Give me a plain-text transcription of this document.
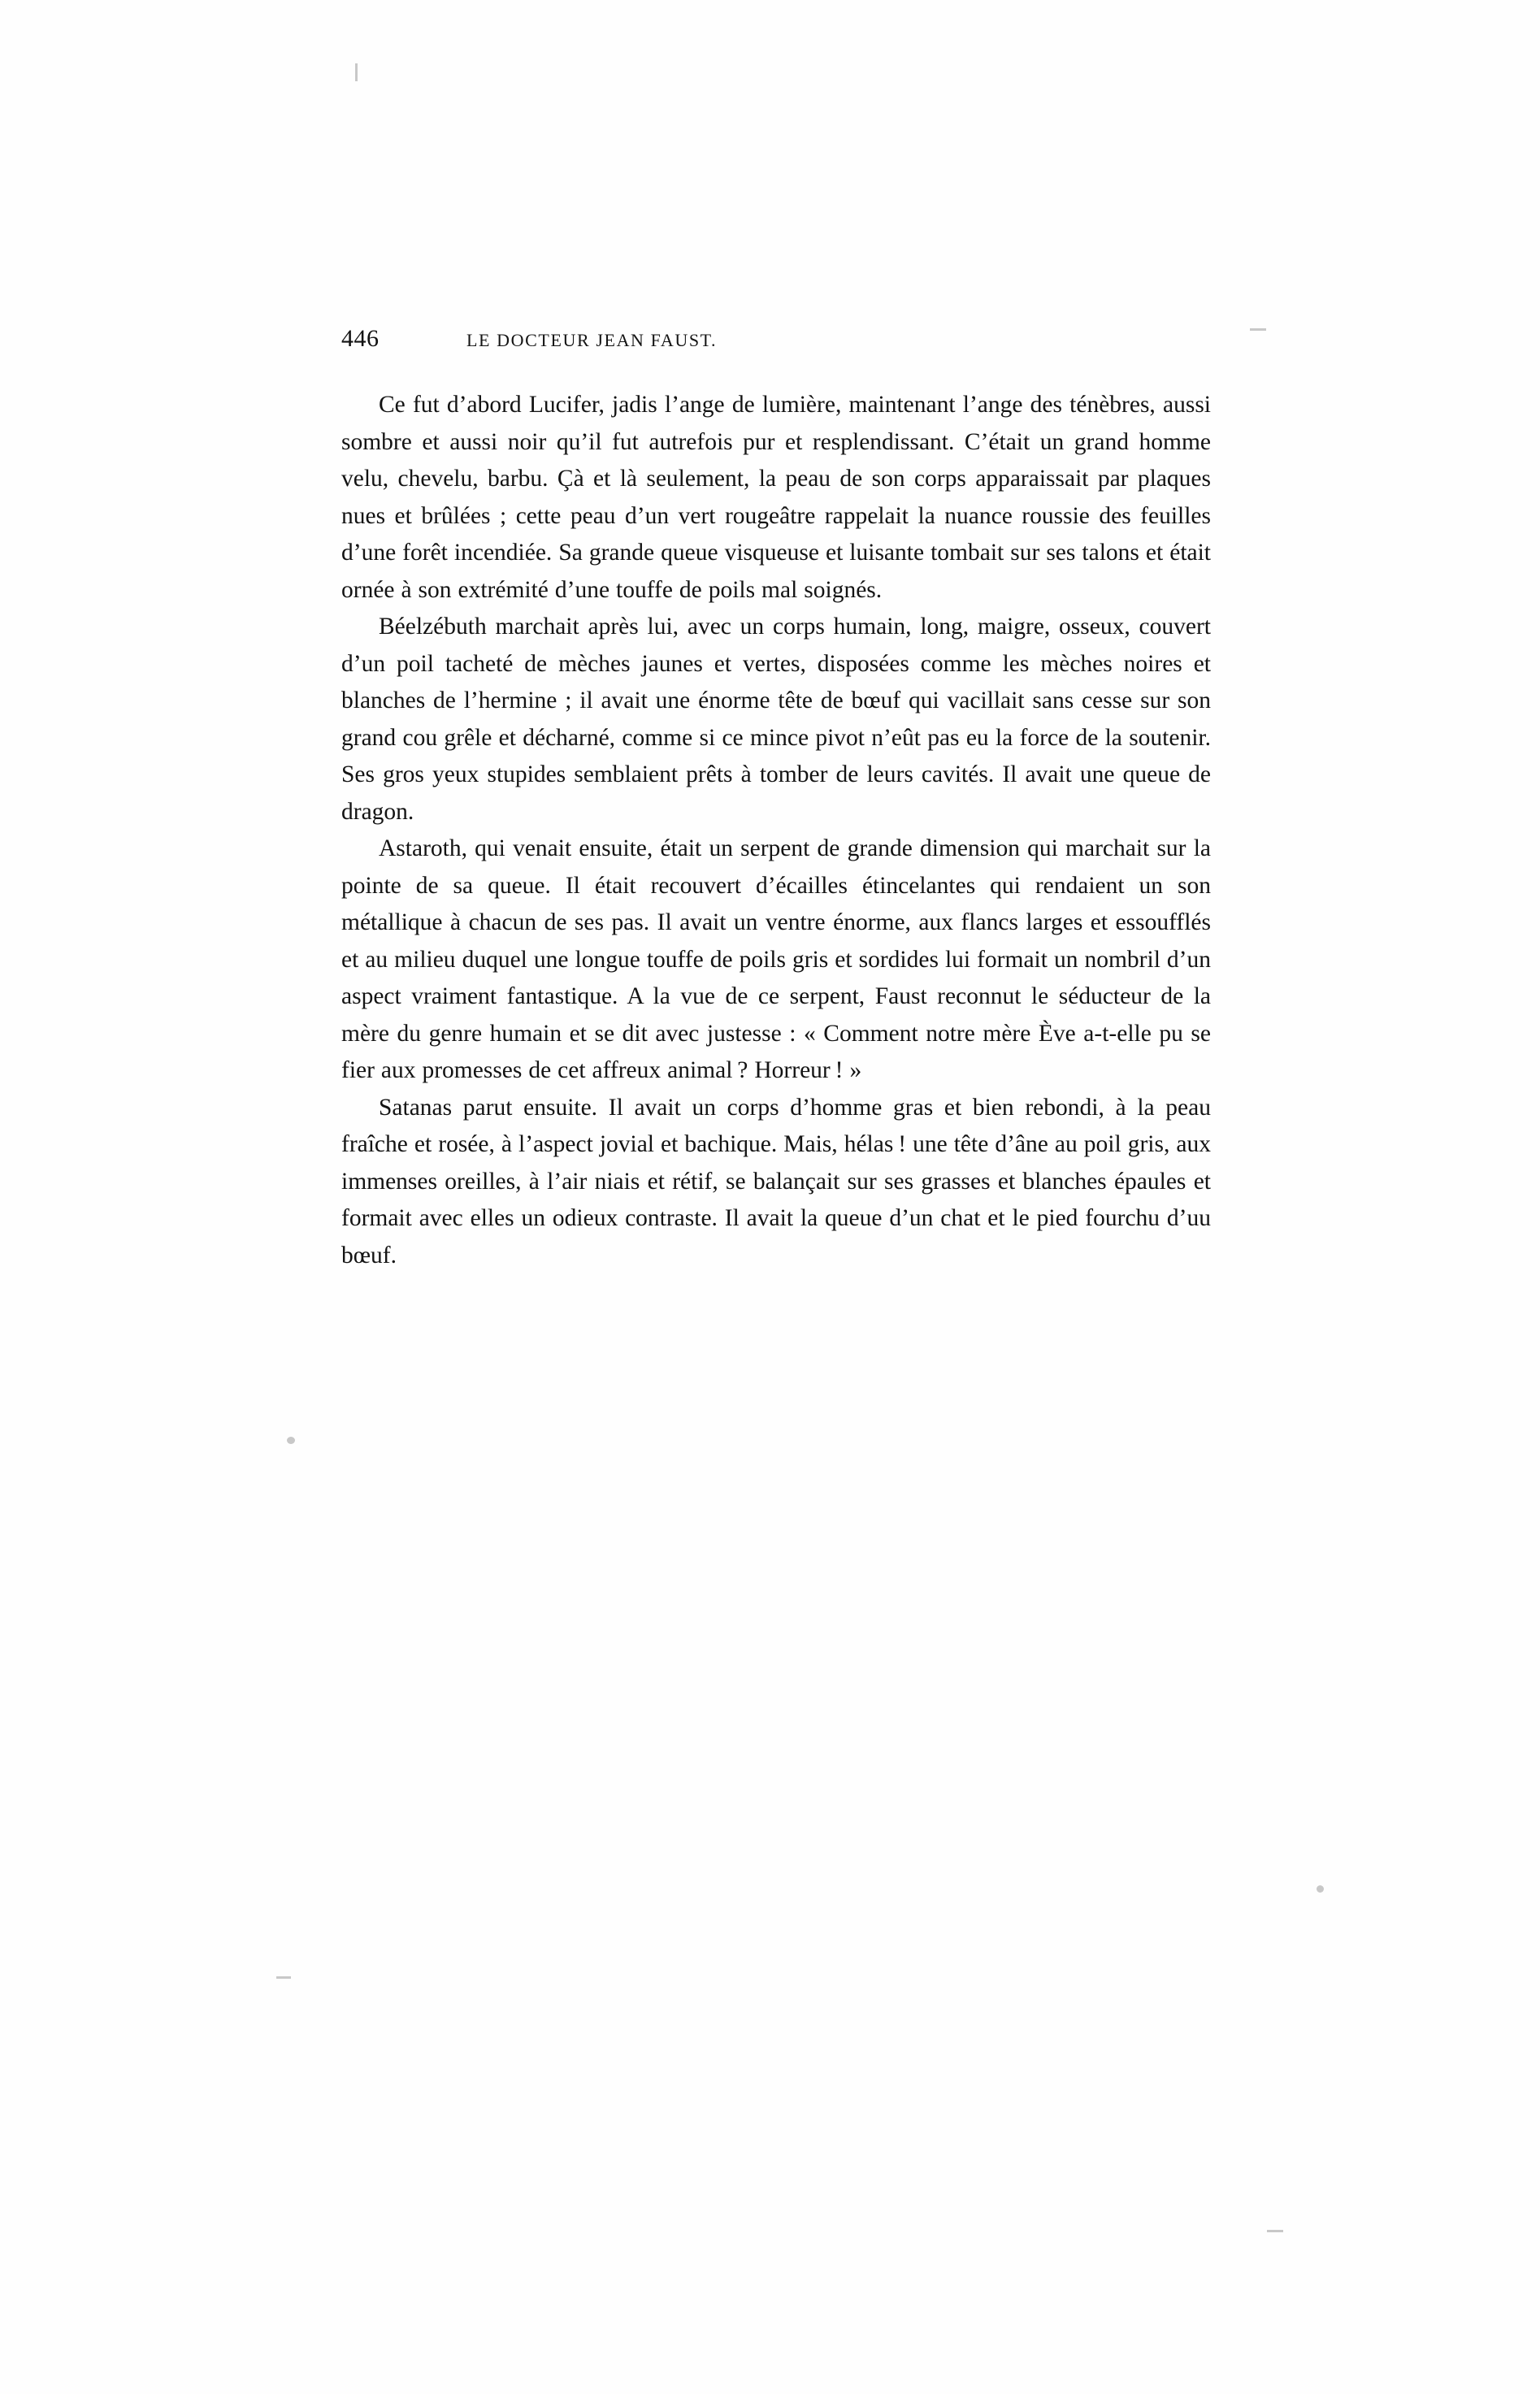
446	LE DOCTEUR JEAN FAUST.

Ce fut d’abord Lucifer, jadis l’ange de lumière, maintenant l’ange des ténèbres, aussi sombre et aussi noir qu’il fut autrefois pur et resplendissant. C’était un grand homme velu, chevelu, barbu. Çà et là seulement, la peau de son corps apparaissait par plaques nues et brûlées ; cette peau d’un vert rougeâtre rappelait la nuance roussie des feuilles d’une forêt incendiée. Sa grande queue visqueuse et luisante tombait sur ses talons et était ornée à son extrémité d’une touffe de poils mal soignés.

Béelzébuth marchait après lui, avec un corps humain, long, maigre, osseux, couvert d’un poil tacheté de mèches jaunes et vertes, disposées comme les mèches noires et blanches de l’hermine ; il avait une énorme tête de bœuf qui vacillait sans cesse sur son grand cou grêle et décharné, comme si ce mince pivot n’eût pas eu la force de la soutenir. Ses gros yeux stupides semblaient prêts à tomber de leurs cavités. Il avait une queue de dragon.

Astaroth, qui venait ensuite, était un serpent de grande dimension qui marchait sur la pointe de sa queue. Il était recouvert d’écailles étincelantes qui rendaient un son métallique à chacun de ses pas. Il avait un ventre énorme, aux flancs larges et essoufflés et au milieu duquel une longue touffe de poils gris et sordides lui formait un nombril d’un aspect vraiment fantastique. A la vue de ce serpent, Faust reconnut le séducteur de la mère du genre humain et se dit avec justesse : « Comment notre mère Ève a-t-elle pu se fier aux promesses de cet affreux animal ? Horreur ! »

Satanas parut ensuite. Il avait un corps d’homme gras et bien rebondi, à la peau fraîche et rosée, à l’aspect jovial et bachique. Mais, hélas ! une tête d’âne au poil gris, aux immenses oreilles, à l’air niais et rétif, se balançait sur ses grasses et blanches épaules et formait avec elles un odieux contraste. Il avait la queue d’un chat et le pied fourchu d’uu bœuf.
